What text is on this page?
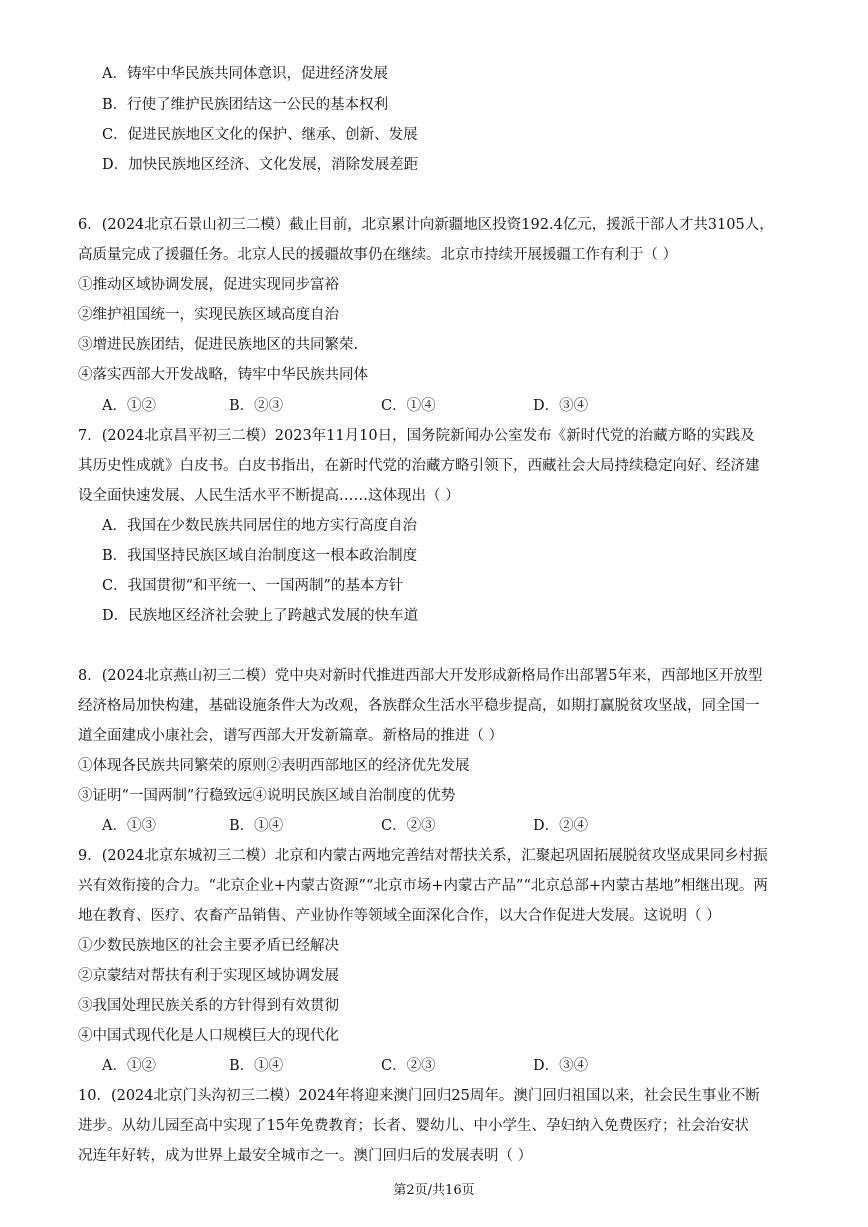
A．铸牢中华民族共同体意识，促进经济发展
B．行使了维护民族团结这一公民的基本权利
C．促进民族地区文化的保护、继承、创新、发展
D．加快民族地区经济、文化发展，消除发展差距
6．(2024北京石景山初三二模）截止目前，北京累计向新疆地区投资192.4亿元，援派干部人才共3105人，
高质量完成了援疆任务。北京人民的援疆故事仍在继续。北京市持续开展援疆工作有利于（ ）
①推动区域协调发展，促进实现同步富裕
②维护祖国统一，实现民族区域高度自治
③增进民族团结，促进民族地区的共同繁荣.
④落实西部大开发战略，铸牢中华民族共同体
A．①②	B．②③	C．①④	D．③④
7．(2024北京昌平初三二模）2023年11月10日，国务院新闻办公室发布《新时代党的治藏方略的实践及
其历史性成就》白皮书。白皮书指出，在新时代党的治藏方略引领下，西藏社会大局持续稳定向好、经济建
设全面快速发展、人民生活水平不断提高……这体现出（ ）
A．我国在少数民族共同居住的地方实行高度自治
B．我国坚持民族区域自治制度这一根本政治制度
C．我国贯彻“和平统一、一国两制”的基本方针
D．民族地区经济社会驶上了跨越式发展的快车道
8．(2024北京燕山初三二模）党中央对新时代推进西部大开发形成新格局作出部署5年来，西部地区开放型
经济格局加快构建，基础设施条件大为改观，各族群众生活水平稳步提高，如期打赢脱贫攻坚战，同全国一
道全面建成小康社会，谱写西部大开发新篇章。新格局的推进（ ）
①体现各民族共同繁荣的原则②表明西部地区的经济优先发展
③证明“一国两制”行稳致远④说明民族区域自治制度的优势
A．①③	B．①④	C．②③	D．②④
9．(2024北京东城初三二模）北京和内蒙古两地完善结对帮扶关系，汇聚起巩固拓展脱贫攻坚成果同乡村振
兴有效衔接的合力。“北京企业+内蒙古资源”“北京市场+内蒙古产品”“北京总部+内蒙古基地”相继出现。两
地在教育、医疗、农畜产品销售、产业协作等领域全面深化合作，以大合作促进大发展。这说明（ ）
①少数民族地区的社会主要矛盾已经解决
②京蒙结对帮扶有利于实现区域协调发展
③我国处理民族关系的方针得到有效贯彻
④中国式现代化是人口规模巨大的现代化
A．①②	B．①④	C．②③	D．③④
10．(2024北京门头沟初三二模）2024年将迎来澳门回归25周年。澳门回归祖国以来，社会民生事业不断
进步。从幼儿园至高中实现了15年免费教育；长者、婴幼儿、中小学生、孕妇纳入免费医疗；社会治安状
况连年好转，成为世界上最安全城市之一。澳门回归后的发展表明（ ）
第2页/共16页
